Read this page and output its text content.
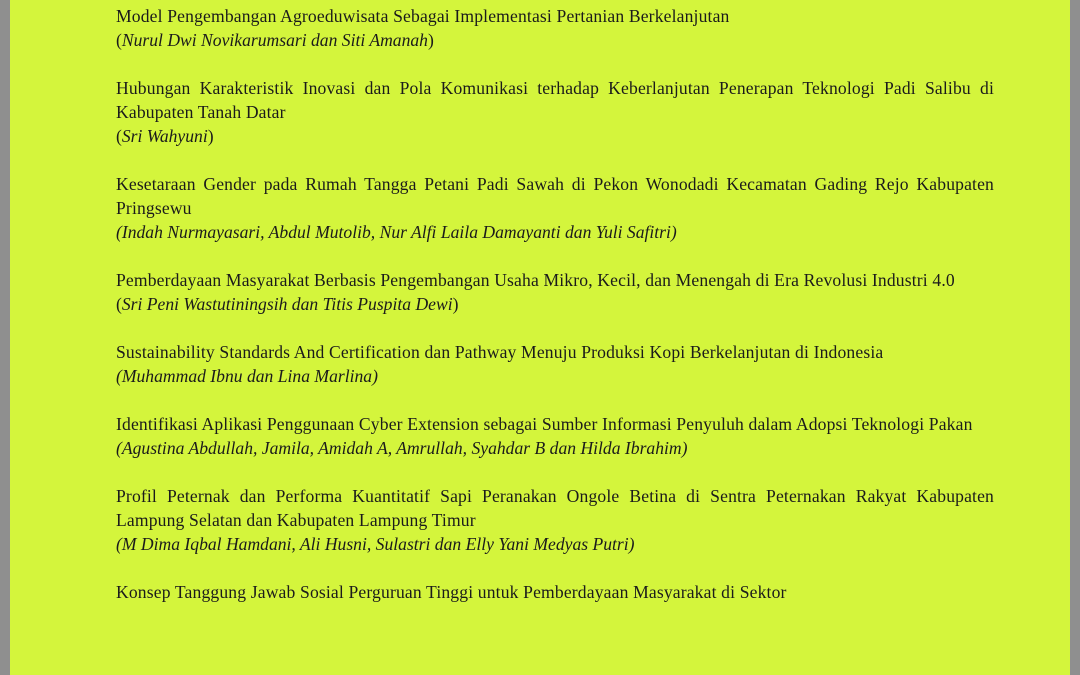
Model Pengembangan Agroeduwisata Sebagai Implementasi Pertanian Berkelanjutan
(Nurul Dwi Novikarumsari dan Siti Amanah)
Hubungan Karakteristik Inovasi dan Pola Komunikasi terhadap Keberlanjutan Penerapan Teknologi Padi Salibu di Kabupaten Tanah Datar
(Sri Wahyuni)
Kesetaraan Gender pada Rumah Tangga Petani Padi Sawah di Pekon Wonodadi Kecamatan Gading Rejo Kabupaten Pringsewu
(Indah Nurmayasari, Abdul Mutolib, Nur Alfi Laila Damayanti dan Yuli Safitri)
Pemberdayaan Masyarakat Berbasis Pengembangan Usaha Mikro, Kecil, dan Menengah di Era Revolusi Industri 4.0
(Sri Peni Wastutiningsih dan Titis Puspita Dewi)
Sustainability Standards And Certification dan Pathway Menuju Produksi Kopi Berkelanjutan di Indonesia
(Muhammad Ibnu dan Lina Marlina)
Identifikasi Aplikasi Penggunaan Cyber Extension sebagai Sumber Informasi Penyuluh dalam Adopsi Teknologi Pakan
(Agustina Abdullah, Jamila, Amidah A, Amrullah, Syahdar B dan Hilda Ibrahim)
Profil Peternak dan Performa Kuantitatif Sapi Peranakan Ongole Betina di Sentra Peternakan Rakyat Kabupaten Lampung Selatan dan Kabupaten Lampung Timur
(M Dima Iqbal Hamdani, Ali Husni, Sulastri dan Elly Yani Medyas Putri)
Konsep Tanggung Jawab Sosial Perguruan Tinggi untuk Pemberdayaan Masyarakat di Sektor
